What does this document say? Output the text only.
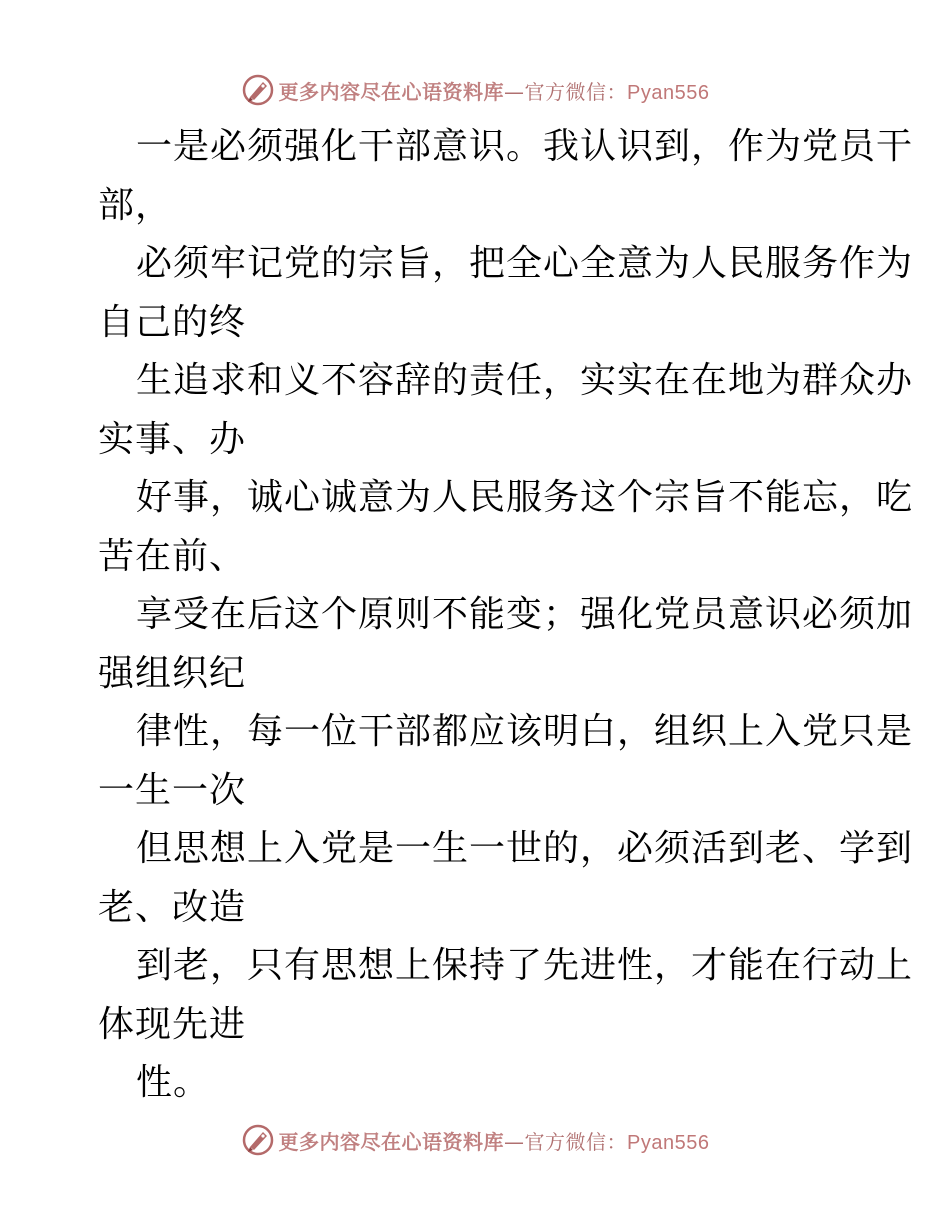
更多内容尽在心语资料库—官方微信：Pyan556
一是必须强化干部意识。我认识到，作为党员干
部，
必须牢记党的宗旨，把全心全意为人民服务作为
自己的终
生追求和义不容辞的责任，实实在在地为群众办
实事、办
好事，诚心诚意为人民服务这个宗旨不能忘，吃
苦在前、
享受在后这个原则不能变；强化党员意识必须加
强组织纪
律性，每一位干部都应该明白，组织上入党只是
一生一次
但思想上入党是一生一世的，必须活到老、学到
老、改造
到老，只有思想上保持了先进性，才能在行动上
体现先进
性。
更多内容尽在心语资料库—官方微信：Pyan556
